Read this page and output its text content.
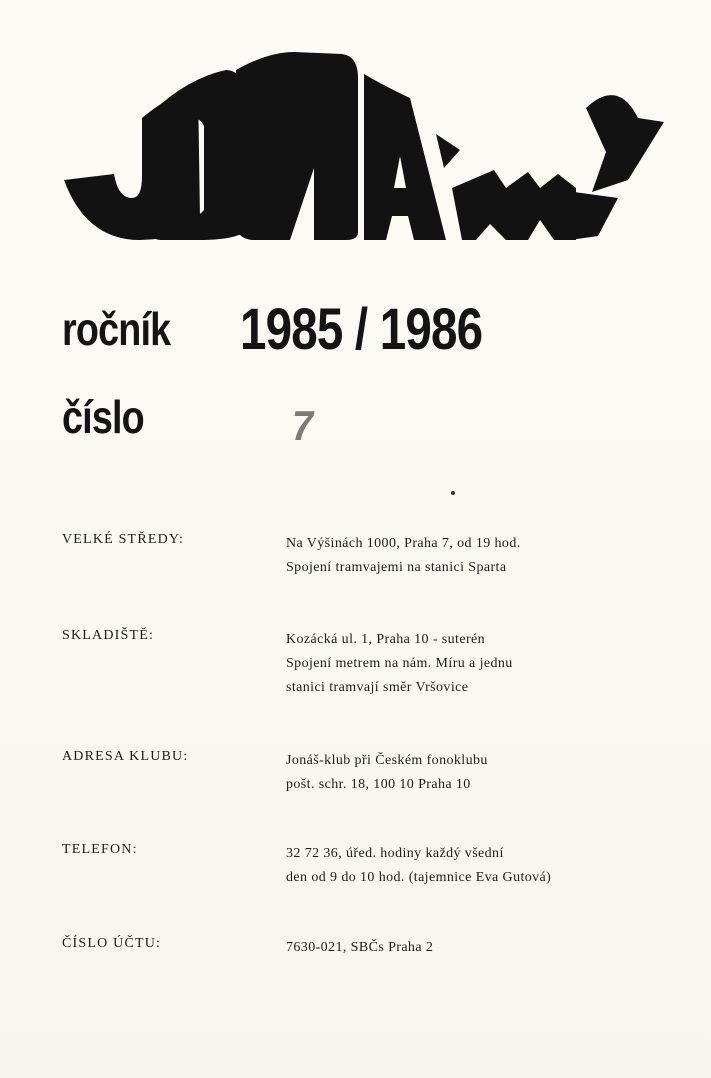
ročník 1985 / 1986
číslo	7
VELKÉ STŘEDY:	Na Výšinách 1000, Praha 7, od 19 hod.
Spojení tramvajemi na stanici Sparta
SKLADIŠTĚ:	Kozácká ul. 1, Praha 10 - suterén
Spojení metrem na nám. Míru a jednu
stanici tramvají směr Vršovice
ADRESA KLUBU:	Jonáš-klub při Českém fonoklubu
pošt. schr. 18, 100 10 Praha 10
TELEFON:	32 72 36, úřed. hodiny každý všední
den od 9 do 10 hod. (tajemnice Eva Gutová)
ČÍSLO ÚČTU:	7630-021, SBČs Praha 2
